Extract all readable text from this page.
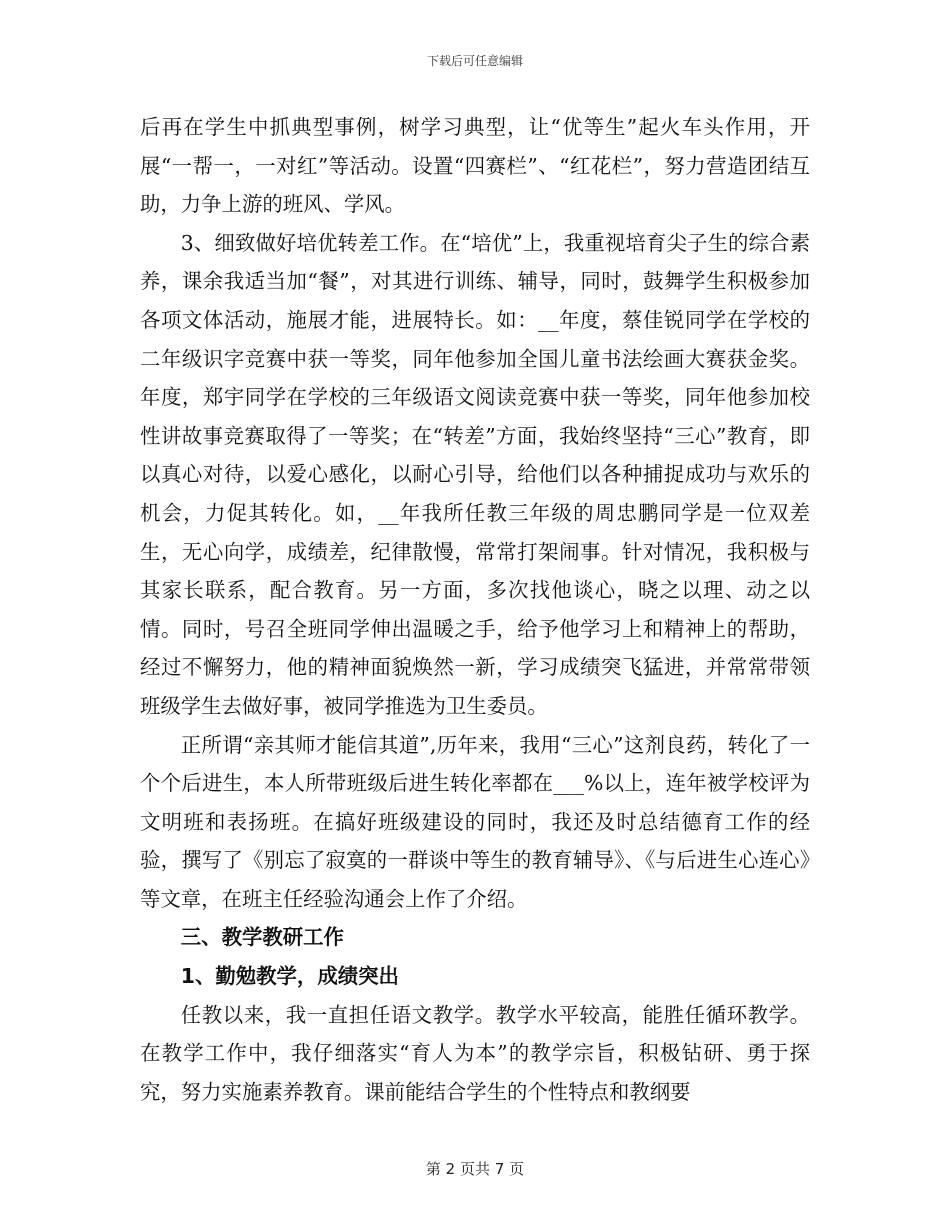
下载后可任意编辑

后再在学生中抓典型事例，树学习典型，让“优等生”起火车头作用，开展“一帮一，一对红”等活动。设置“四赛栏”、“红花栏”，努力营造团结互助，力争上游的班风、学风。

3、细致做好培优转差工作。在“培优”上，我重视培育尖子生的综合素养，课余我适当加“餐”，对其进行训练、辅导，同时，鼓舞学生积极参加各项文体活动，施展才能，进展特长。如：__年度，蔡佳锐同学在学校的二年级识字竞赛中获一等奖，同年他参加全国儿童书法绘画大赛获金奖。年度，郑宇同学在学校的三年级语文阅读竞赛中获一等奖，同年他参加校性讲故事竞赛取得了一等奖；在“转差”方面，我始终坚持“三心”教育，即以真心对待，以爱心感化，以耐心引导，给他们以各种捕捉成功与欢乐的机会，力促其转化。如，__年我所任教三年级的周忠鹏同学是一位双差生，无心向学，成绩差，纪律散慢，常常打架闹事。针对情况，我积极与其家长联系，配合教育。另一方面，多次找他谈心，晓之以理、动之以情。同时，号召全班同学伸出温暖之手，给予他学习上和精神上的帮助，经过不懈努力，他的精神面貌焕然一新，学习成绩突飞猛进，并常常带领班级学生去做好事，被同学推选为卫生委员。

正所谓“亲其师才能信其道”,历年来，我用“三心”这剂良药，转化了一个个后进生，本人所带班级后进生转化率都在___%以上，连年被学校评为文明班和表扬班。在搞好班级建设的同时，我还及时总结德育工作的经验，撰写了《别忘了寂寞的一群谈中等生的教育辅导》、《与后进生心连心》等文章，在班主任经验沟通会上作了介绍。

三、教学教研工作

1、勤勉教学，成绩突出

任教以来，我一直担任语文教学。教学水平较高，能胜任循环教学。在教学工作中，我仔细落实“育人为本”的教学宗旨，积极钻研、勇于探究，努力实施素养教育。课前能结合学生的个性特点和教纲要

第 2 页共 7 页
